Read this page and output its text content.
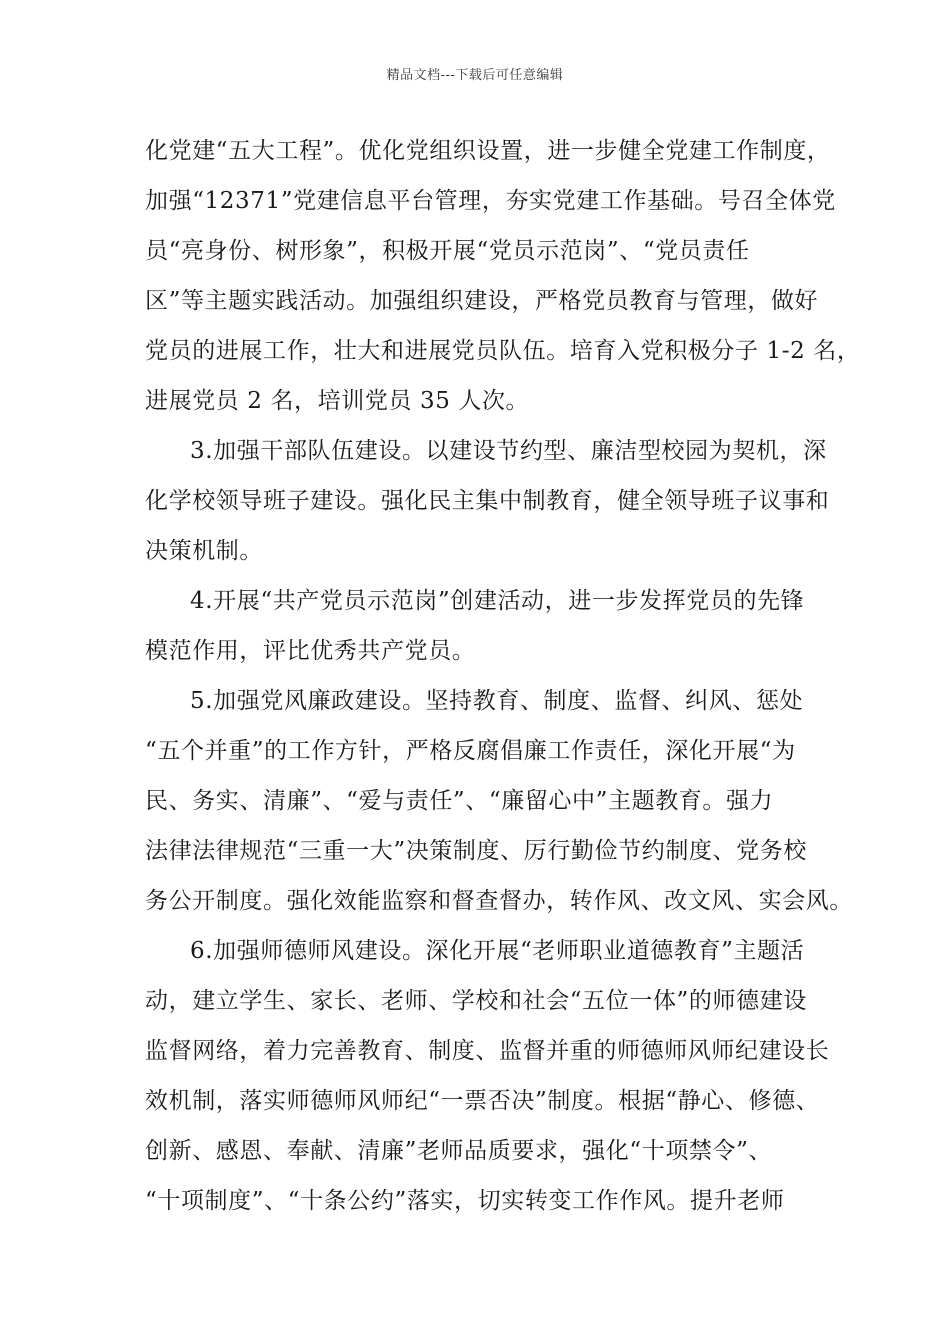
精品文档---下载后可任意编辑
化党建“五大工程”。优化党组织设置，进一步健全党建工作制度，
加强“12371”党建信息平台管理，夯实党建工作基础。号召全体党
员“亮身份、树形象”，积极开展“党员示范岗”、“党员责任
区”等主题实践活动。加强组织建设，严格党员教育与管理，做好
党员的进展工作，壮大和进展党员队伍。培育入党积极分子 1-2 名，
进展党员 2 名，培训党员 35 人次。
3.加强干部队伍建设。以建设节约型、廉洁型校园为契机，深
化学校领导班子建设。强化民主集中制教育，健全领导班子议事和
决策机制。
4.开展“共产党员示范岗”创建活动，进一步发挥党员的先锋
模范作用，评比优秀共产党员。
5.加强党风廉政建设。坚持教育、制度、监督、纠风、惩处
“五个并重”的工作方针，严格反腐倡廉工作责任，深化开展“为
民、务实、清廉”、“爱与责任”、“廉留心中”主题教育。强力
法律法律规范“三重一大”决策制度、厉行勤俭节约制度、党务校
务公开制度。强化效能监察和督查督办，转作风、改文风、实会风。
6.加强师德师风建设。深化开展“老师职业道德教育”主题活
动，建立学生、家长、老师、学校和社会“五位一体”的师德建设
监督网络，着力完善教育、制度、监督并重的师德师风师纪建设长
效机制，落实师德师风师纪“一票否决”制度。根据“静心、修德、
创新、感恩、奉献、清廉”老师品质要求，强化“十项禁令”、
“十项制度”、“十条公约”落实，切实转变工作作风。提升老师
